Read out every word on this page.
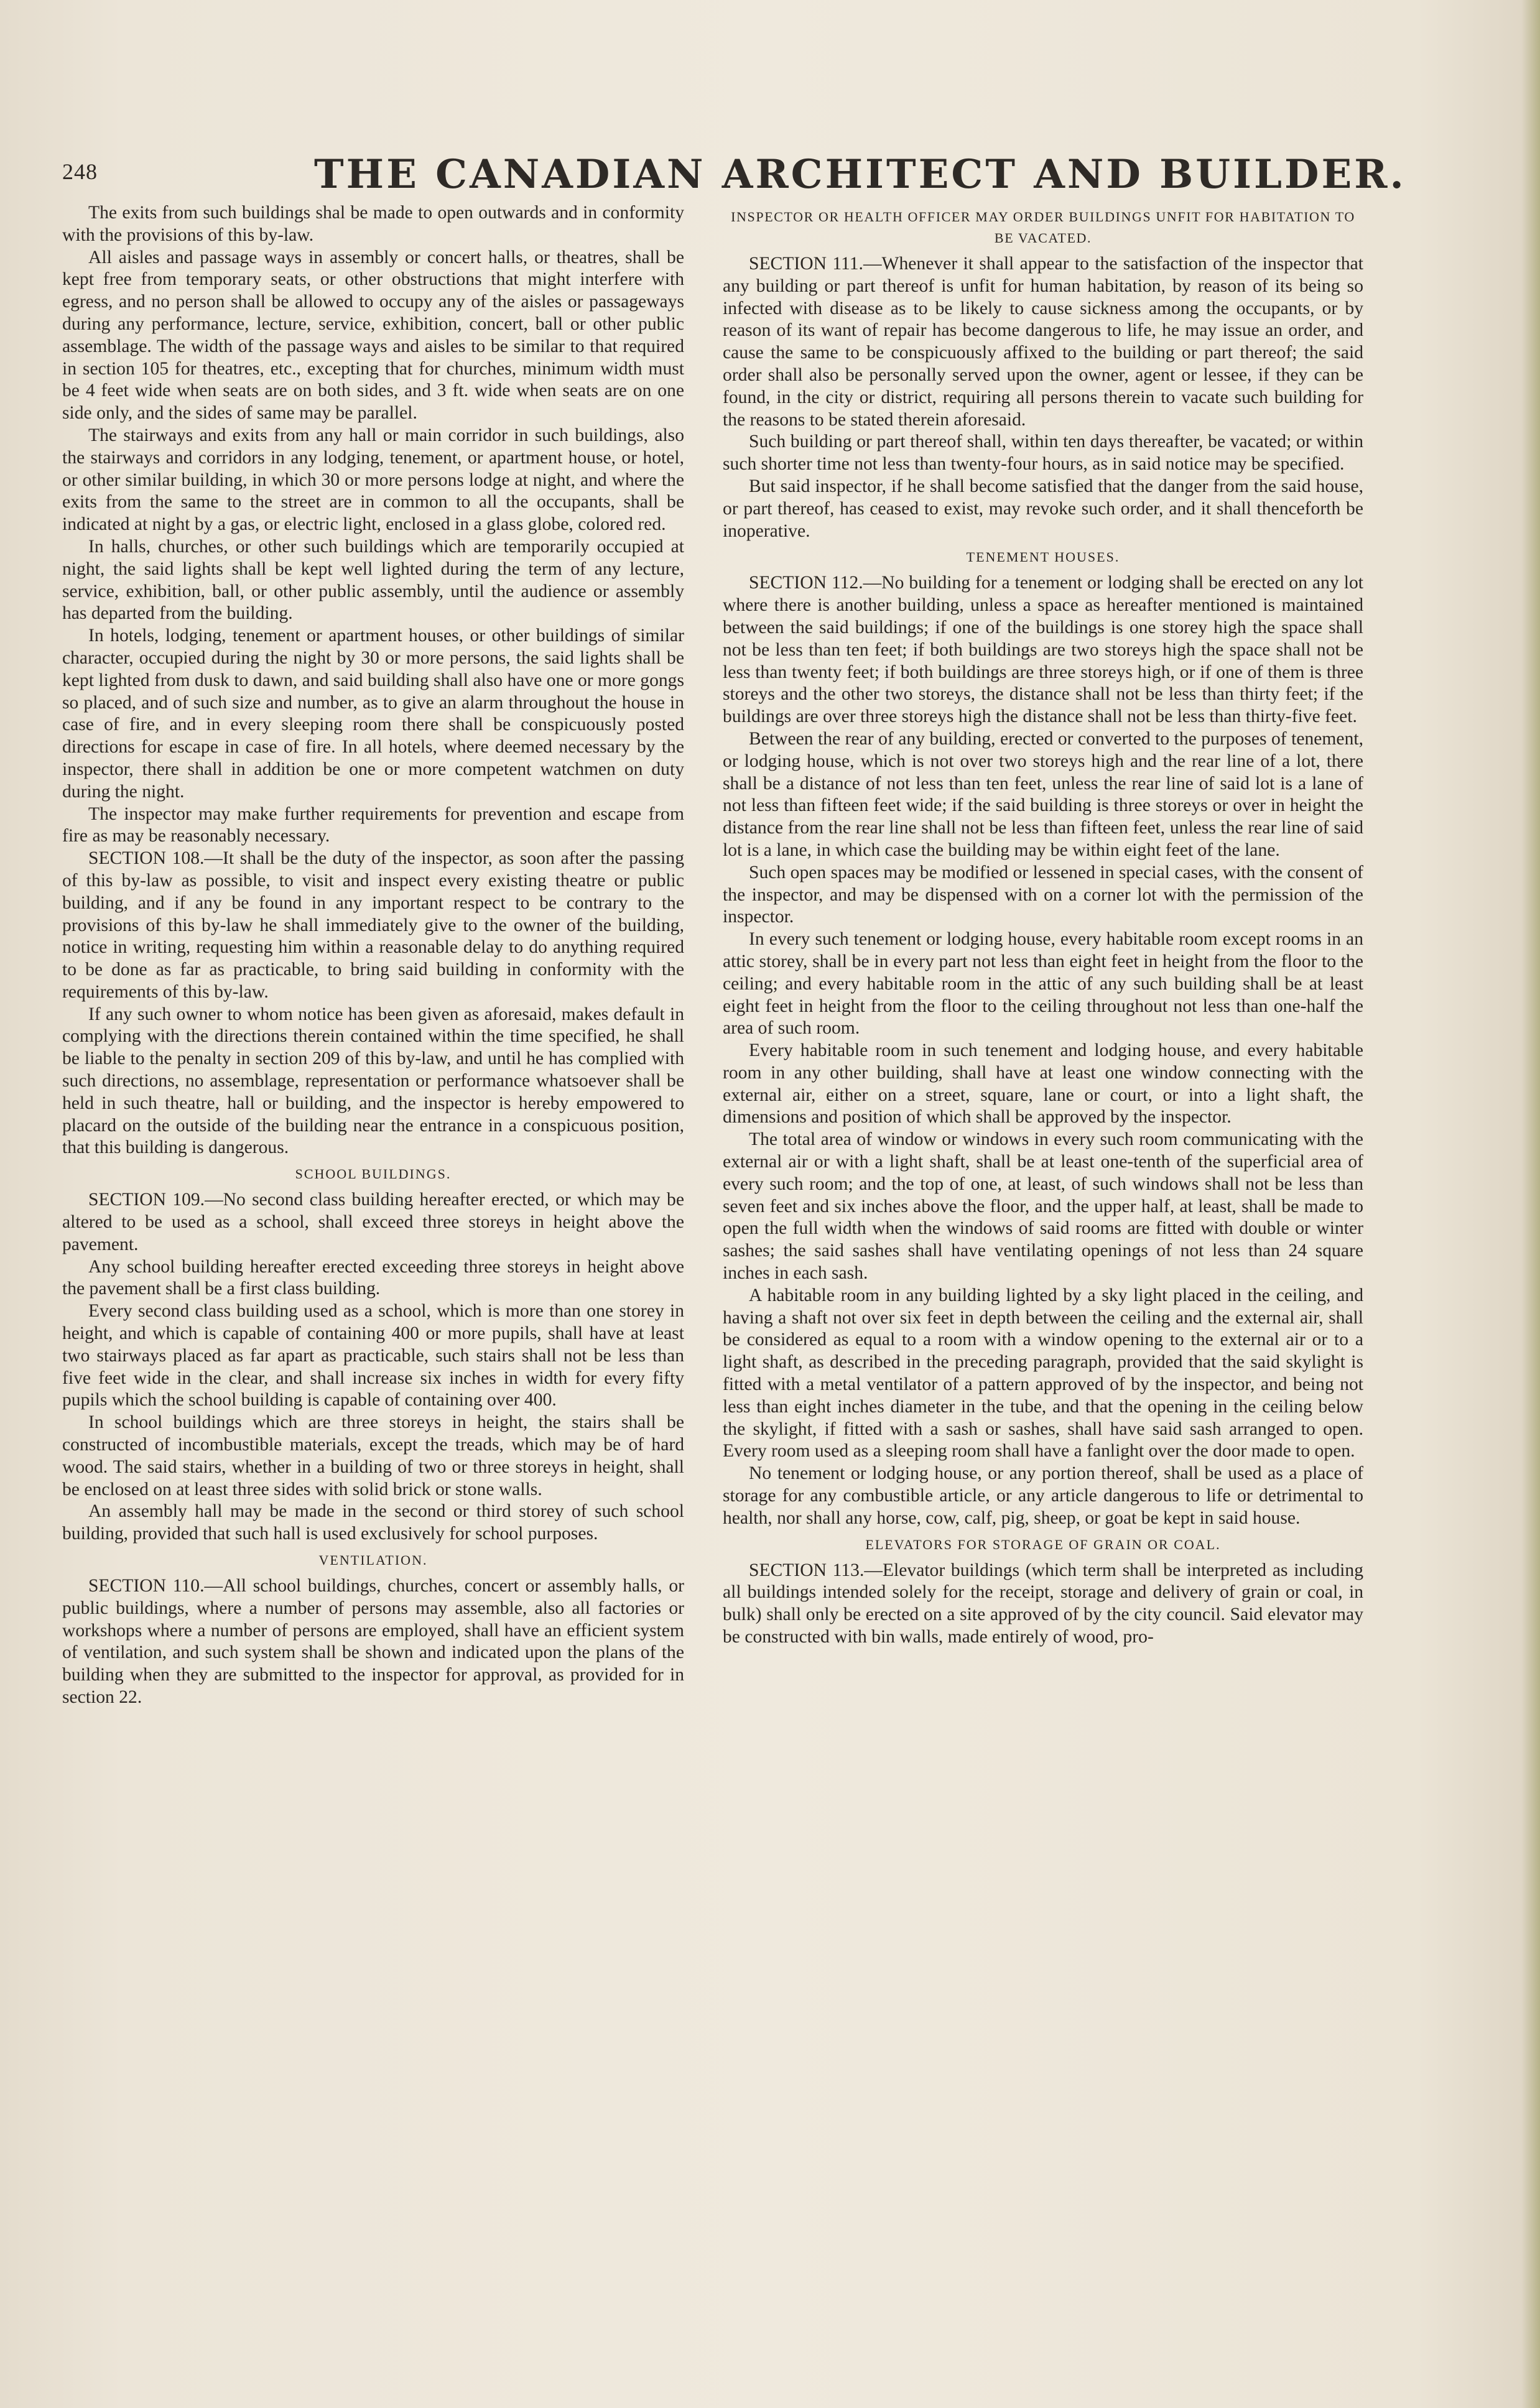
248	THE CANADIAN ARCHITECT AND BUILDER.

The exits from such buildings shal be made to open outwards and in conformity with the provisions of this by-law.

All aisles and passage ways in assembly or concert halls, or theatres, shall be kept free from temporary seats, or other obstructions that might interfere with egress, and no person shall be allowed to occupy any of the aisles or passageways during any performance, lecture, service, exhibition, concert, ball or other public assemblage. The width of the passage ways and aisles to be similar to that required in section 105 for theatres, etc., excepting that for churches, minimum width must be 4 feet wide when seats are on both sides, and 3 ft. wide when seats are on one side only, and the sides of same may be parallel.

The stairways and exits from any hall or main corridor in such buildings, also the stairways and corridors in any lodging, tenement, or apartment house, or hotel, or other similar building, in which 30 or more persons lodge at night, and where the exits from the same to the street are in common to all the occupants, shall be indicated at night by a gas, or electric light, enclosed in a glass globe, colored red.

In halls, churches, or other such buildings which are temporarily occupied at night, the said lights shall be kept well lighted during the term of any lecture, service, exhibition, ball, or other public assembly, until the audience or assembly has departed from the building.

In hotels, lodging, tenement or apartment houses, or other buildings of similar character, occupied during the night by 30 or more persons, the said lights shall be kept lighted from dusk to dawn, and said building shall also have one or more gongs so placed, and of such size and number, as to give an alarm throughout the house in case of fire, and in every sleeping room there shall be conspicuously posted directions for escape in case of fire. In all hotels, where deemed necessary by the inspector, there shall in addition be one or more competent watchmen on duty during the night.

The inspector may make further requirements for prevention and escape from fire as may be reasonably necessary.

SECTION 108.—It shall be the duty of the inspector, as soon after the passing of this by-law as possible, to visit and inspect every existing theatre or public building, and if any be found in any important respect to be contrary to the provisions of this by-law he shall immediately give to the owner of the building, notice in writing, requesting him within a reasonable delay to do anything required to be done as far as practicable, to bring said building in conformity with the requirements of this by-law.

If any such owner to whom notice has been given as aforesaid, makes default in complying with the directions therein contained within the time specified, he shall be liable to the penalty in section 209 of this by-law, and until he has complied with such directions, no assemblage, representation or performance whatsoever shall be held in such theatre, hall or building, and the inspector is hereby empowered to placard on the outside of the building near the entrance in a conspicuous position, that this building is dangerous.

SCHOOL BUILDINGS.

SECTION 109.—No second class building hereafter erected, or which may be altered to be used as a school, shall exceed three storeys in height above the pavement.

Any school building hereafter erected exceeding three storeys in height above the pavement shall be a first class building.

Every second class building used as a school, which is more than one storey in height, and which is capable of containing 400 or more pupils, shall have at least two stairways placed as far apart as practicable, such stairs shall not be less than five feet wide in the clear, and shall increase six inches in width for every fifty pupils which the school building is capable of containing over 400.

In school buildings which are three storeys in height, the stairs shall be constructed of incombustible materials, except the treads, which may be of hard wood. The said stairs, whether in a building of two or three storeys in height, shall be enclosed on at least three sides with solid brick or stone walls.

An assembly hall may be made in the second or third storey of such school building, provided that such hall is used exclusively for school purposes.

VENTILATION.

SECTION 110.—All school buildings, churches, concert or assembly halls, or public buildings, where a number of persons may assemble, also all factories or workshops where a number of persons are employed, shall have an efficient system of ventilation, and such system shall be shown and indicated upon the plans of the building when they are submitted to the inspector for approval, as provided for in section 22.

INSPECTOR OR HEALTH OFFICER MAY ORDER BUILDINGS UNFIT FOR HABITATION TO BE VACATED.

SECTION 111.—Whenever it shall appear to the satisfaction of the inspector that any building or part thereof is unfit for human habitation, by reason of its being so infected with disease as to be likely to cause sickness among the occupants, or by reason of its want of repair has become dangerous to life, he may issue an order, and cause the same to be conspicuously affixed to the building or part thereof; the said order shall also be personally served upon the owner, agent or lessee, if they can be found, in the city or district, requiring all persons therein to vacate such building for the reasons to be stated therein aforesaid.

Such building or part thereof shall, within ten days thereafter, be vacated; or within such shorter time not less than twenty-four hours, as in said notice may be specified.

But said inspector, if he shall become satisfied that the danger from the said house, or part thereof, has ceased to exist, may revoke such order, and it shall thenceforth be inoperative.

TENEMENT HOUSES.

SECTION 112.—No building for a tenement or lodging shall be erected on any lot where there is another building, unless a space as hereafter mentioned is maintained between the said buildings; if one of the buildings is one storey high the space shall not be less than ten feet; if both buildings are two storeys high the space shall not be less than twenty feet; if both buildings are three storeys high, or if one of them is three storeys and the other two storeys, the distance shall not be less than thirty feet; if the buildings are over three storeys high the distance shall not be less than thirty-five feet.

Between the rear of any building, erected or converted to the purposes of tenement, or lodging house, which is not over two storeys high and the rear line of a lot, there shall be a distance of not less than ten feet, unless the rear line of said lot is a lane of not less than fifteen feet wide; if the said building is three storeys or over in height the distance from the rear line shall not be less than fifteen feet, unless the rear line of said lot is a lane, in which case the building may be within eight feet of the lane.

Such open spaces may be modified or lessened in special cases, with the consent of the inspector, and may be dispensed with on a corner lot with the permission of the inspector.

In every such tenement or lodging house, every habitable room except rooms in an attic storey, shall be in every part not less than eight feet in height from the floor to the ceiling; and every habitable room in the attic of any such building shall be at least eight feet in height from the floor to the ceiling throughout not less than one-half the area of such room.

Every habitable room in such tenement and lodging house, and every habitable room in any other building, shall have at least one window connecting with the external air, either on a street, square, lane or court, or into a light shaft, the dimensions and position of which shall be approved by the inspector.

The total area of window or windows in every such room communicating with the external air or with a light shaft, shall be at least one-tenth of the superficial area of every such room; and the top of one, at least, of such windows shall not be less than seven feet and six inches above the floor, and the upper half, at least, shall be made to open the full width when the windows of said rooms are fitted with double or winter sashes; the said sashes shall have ventilating openings of not less than 24 square inches in each sash.

A habitable room in any building lighted by a sky light placed in the ceiling, and having a shaft not over six feet in depth between the ceiling and the external air, shall be considered as equal to a room with a window opening to the external air or to a light shaft, as described in the preceding paragraph, provided that the said skylight is fitted with a metal ventilator of a pattern approved of by the inspector, and being not less than eight inches diameter in the tube, and that the opening in the ceiling below the skylight, if fitted with a sash or sashes, shall have said sash arranged to open. Every room used as a sleeping room shall have a fanlight over the door made to open.

No tenement or lodging house, or any portion thereof, shall be used as a place of storage for any combustible article, or any article dangerous to life or detrimental to health, nor shall any horse, cow, calf, pig, sheep, or goat be kept in said house.

ELEVATORS FOR STORAGE OF GRAIN OR COAL.

SECTION 113.—Elevator buildings (which term shall be interpreted as including all buildings intended solely for the receipt, storage and delivery of grain or coal, in bulk) shall only be erected on a site approved of by the city council. Said elevator may be constructed with bin walls, made entirely of wood, pro-
